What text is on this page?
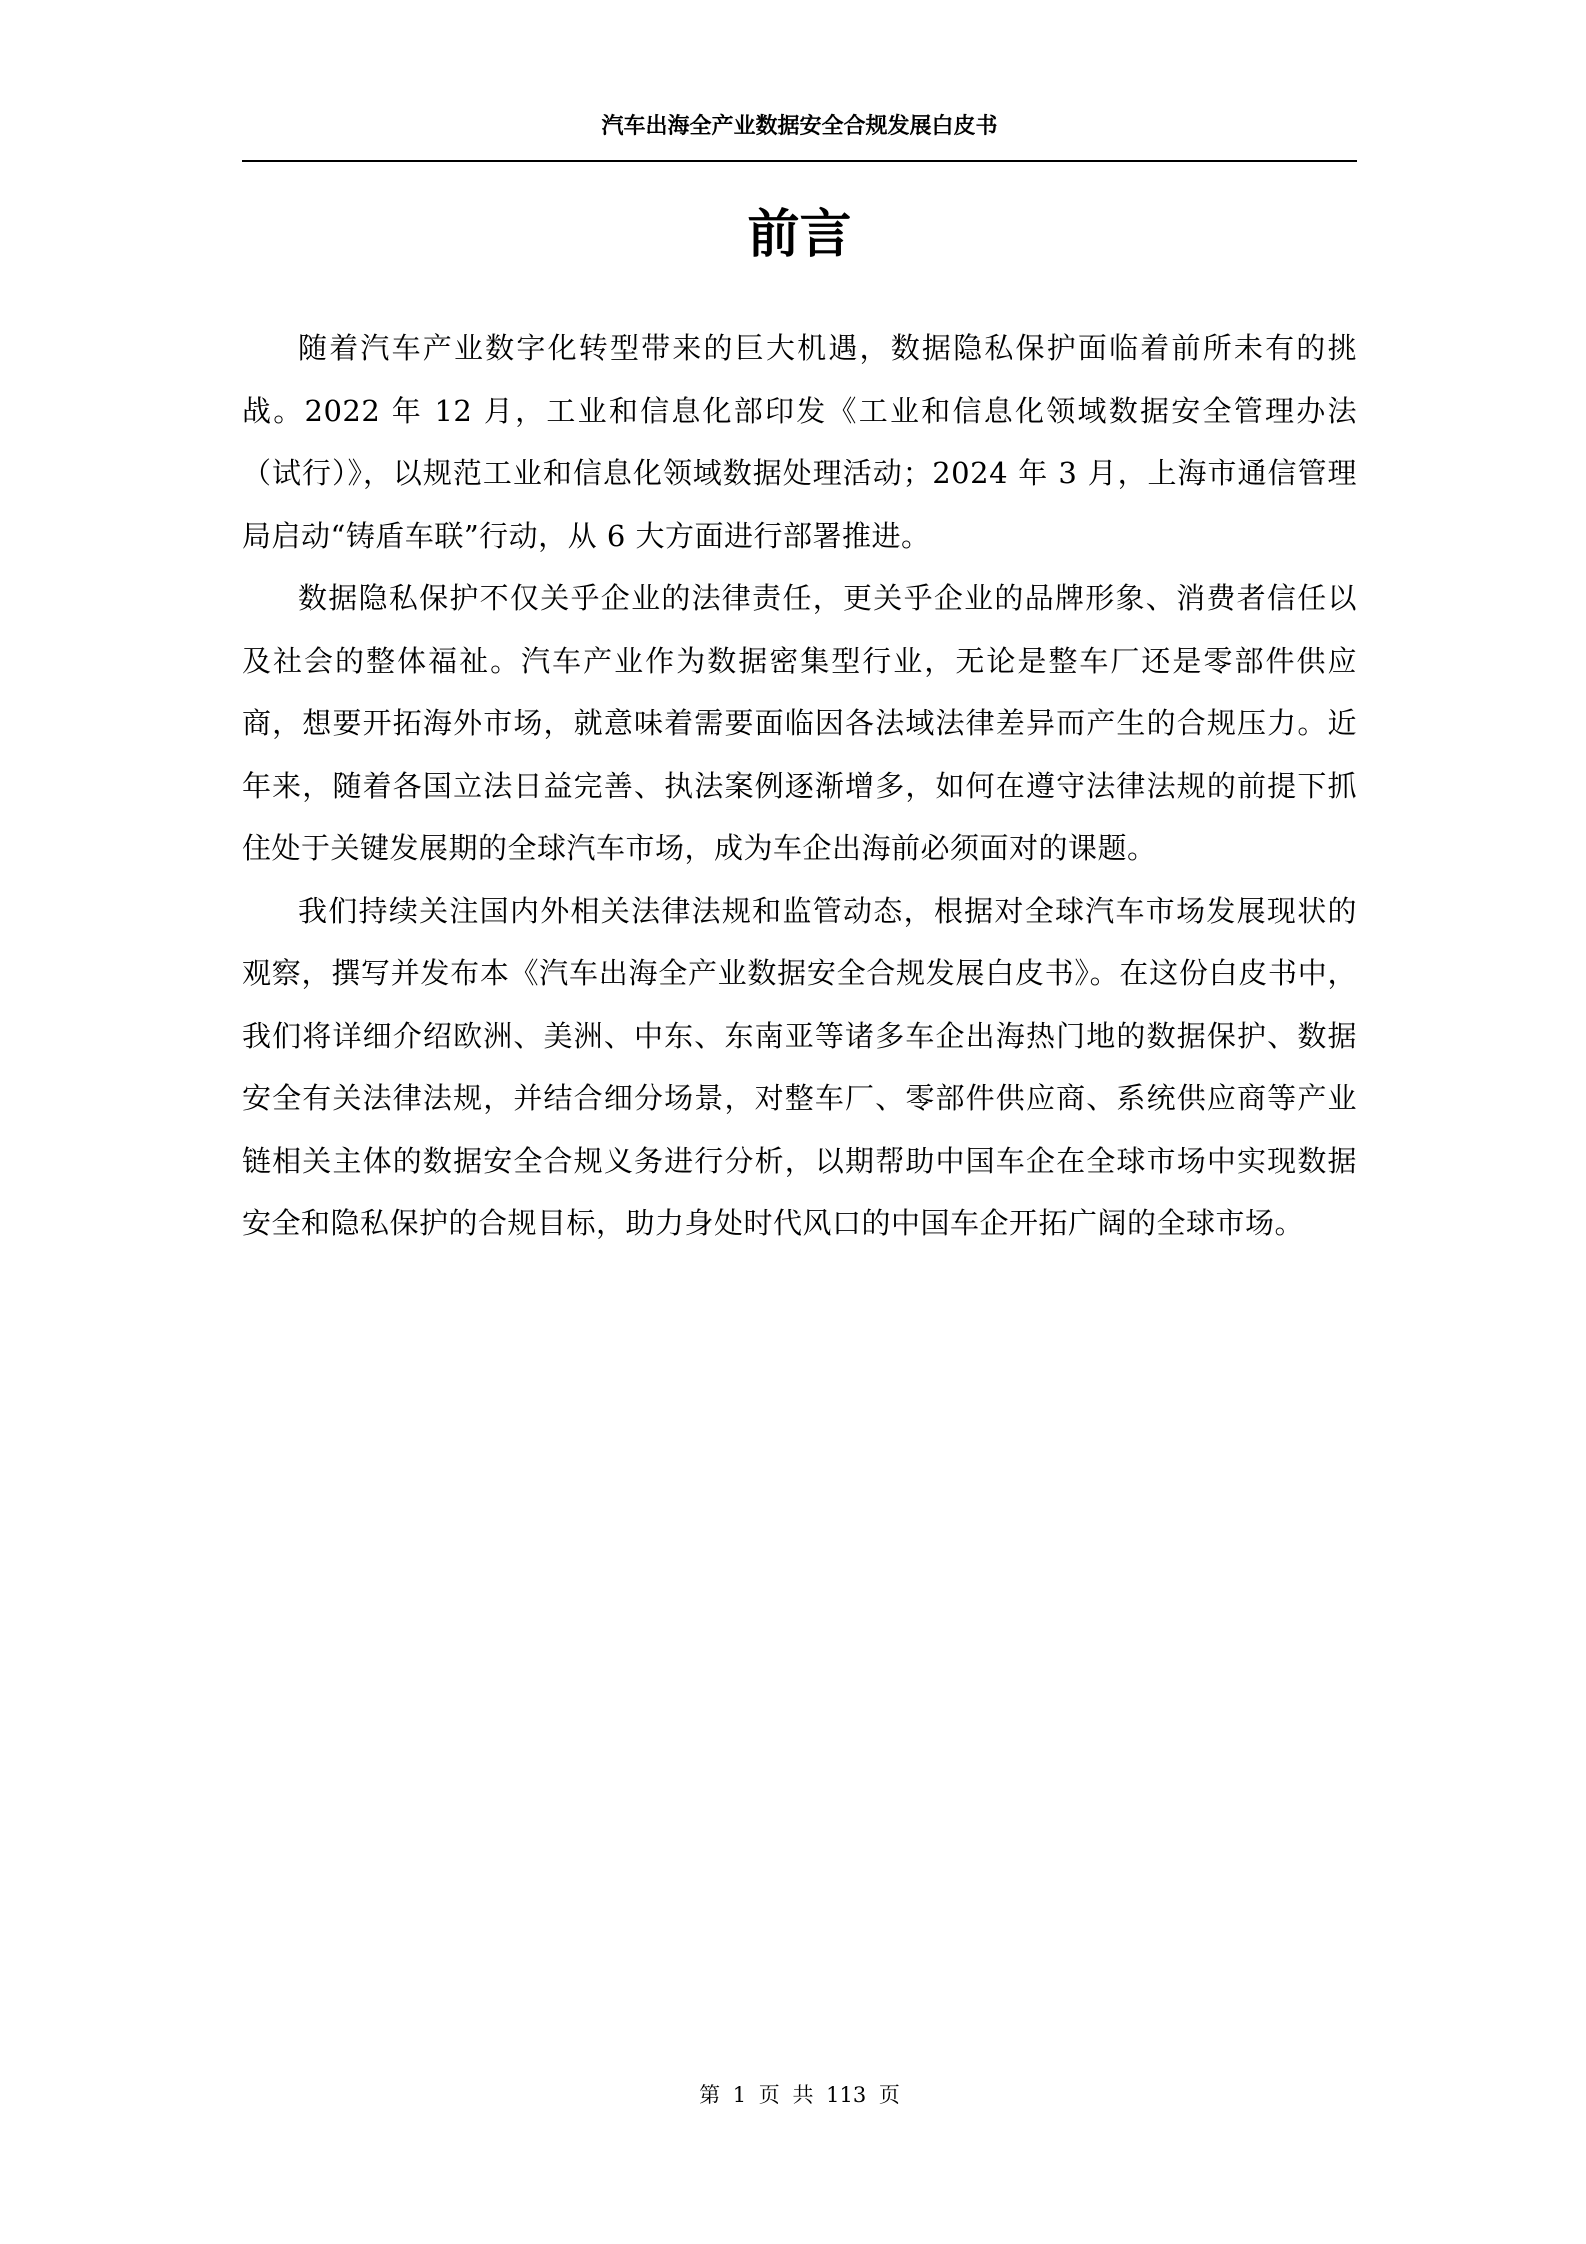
汽车出海全产业数据安全合规发展白皮书
前言

随着汽车产业数字化转型带来的巨大机遇，数据隐私保护面临着前所未有的挑战。2022 年 12 月，工业和信息化部印发《工业和信息化领域数据安全管理办法（试行）》，以规范工业和信息化领域数据处理活动；2024 年 3 月，上海市通信管理局启动“铸盾车联”行动，从 6 大方面进行部署推进。

数据隐私保护不仅关乎企业的法律责任，更关乎企业的品牌形象、消费者信任以及社会的整体福祉。汽车产业作为数据密集型行业，无论是整车厂还是零部件供应商，想要开拓海外市场，就意味着需要面临因各法域法律差异而产生的合规压力。近年来，随着各国立法日益完善、执法案例逐渐增多，如何在遵守法律法规的前提下抓住处于关键发展期的全球汽车市场，成为车企出海前必须面对的课题。

我们持续关注国内外相关法律法规和监管动态，根据对全球汽车市场发展现状的观察，撰写并发布本《汽车出海全产业数据安全合规发展白皮书》。在这份白皮书中，我们将详细介绍欧洲、美洲、中东、东南亚等诸多车企出海热门地的数据保护、数据安全有关法律法规，并结合细分场景，对整车厂、零部件供应商、系统供应商等产业链相关主体的数据安全合规义务进行分析，以期帮助中国车企在全球市场中实现数据安全和隐私保护的合规目标，助力身处时代风口的中国车企开拓广阔的全球市场。

第 1 页 共 113 页
